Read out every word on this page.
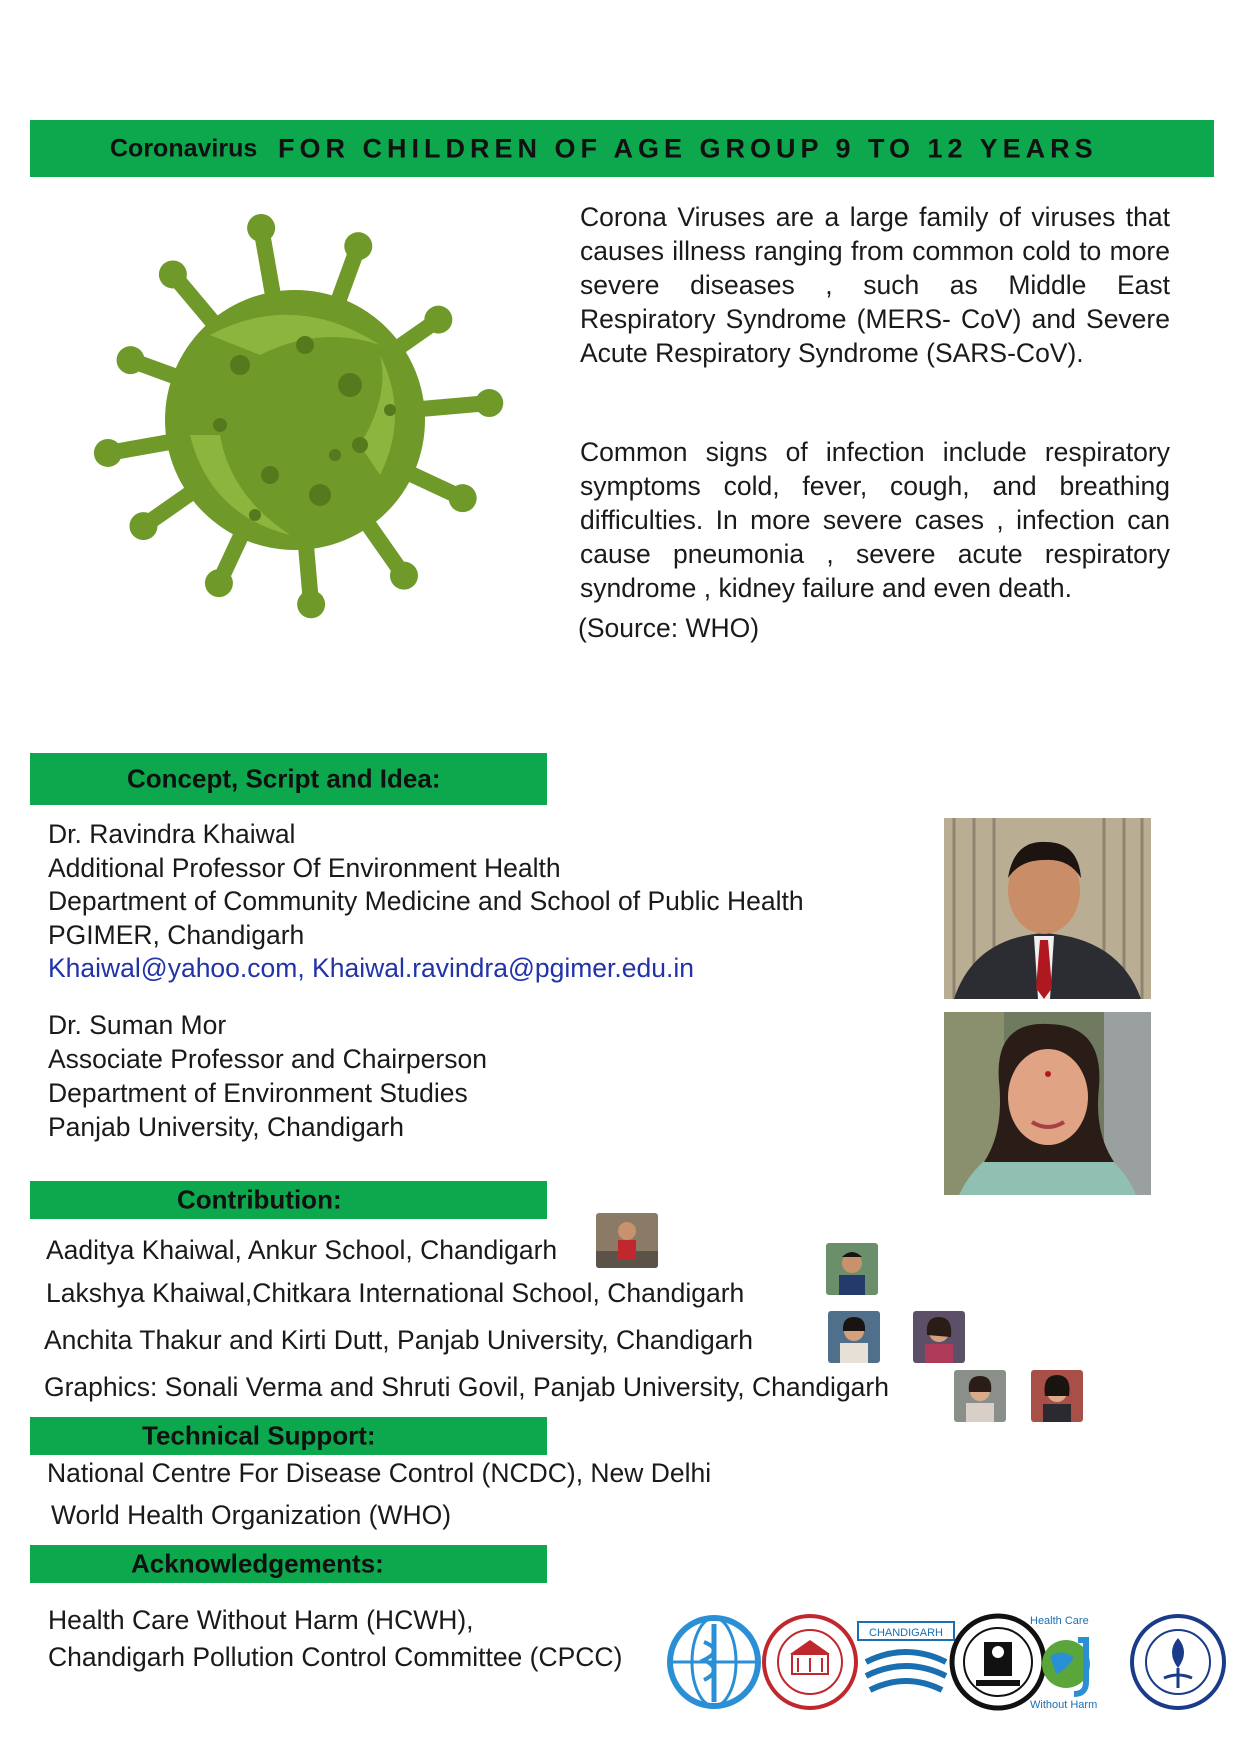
Coronavirus FOR CHILDREN OF AGE GROUP 9 TO 12 YEARS
Corona Viruses are a large family of viruses that causes illness ranging from common cold to more severe diseases , such as Middle East Respiratory Syndrome (MERS- CoV) and Severe Acute Respiratory Syndrome (SARS-CoV).
Common signs of infection include respiratory symptoms cold, fever, cough, and breathing difficulties. In more severe cases , infection can cause pneumonia , severe acute respiratory syndrome , kidney failure and even death.
(Source: WHO)
Concept, Script and Idea:
Dr. Ravindra Khaiwal
Additional Professor Of Environment Health
Department of Community Medicine and School of Public Health
PGIMER, Chandigarh
Khaiwal@yahoo.com, Khaiwal.ravindra@pgimer.edu.in
Dr. Suman Mor
Associate Professor and Chairperson
Department of Environment Studies
Panjab University, Chandigarh
Contribution:
Aaditya Khaiwal, Ankur School, Chandigarh
Lakshya Khaiwal,Chitkara International School, Chandigarh
Anchita Thakur and Kirti Dutt, Panjab University, Chandigarh
Graphics: Sonali Verma and Shruti Govil, Panjab University, Chandigarh
Technical Support:
National Centre For Disease Control (NCDC), New Delhi
World Health Organization (WHO)
Acknowledgements:
Health Care Without Harm (HCWH),
Chandigarh Pollution Control Committee (CPCC)
CHANDIGARH
Health Care
Without Harm
